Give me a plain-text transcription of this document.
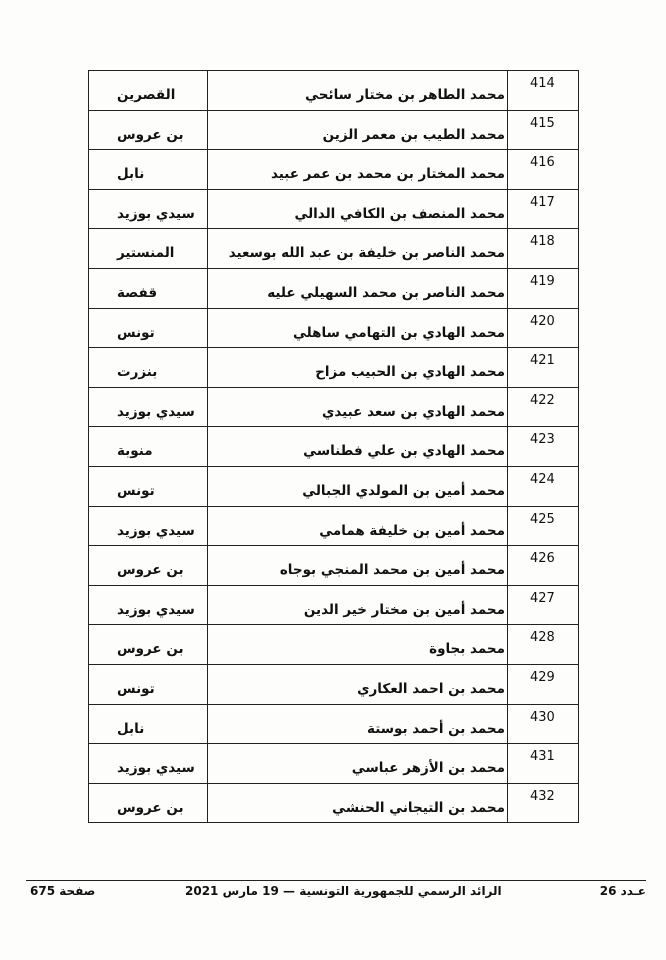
414	محمد الطاهر بن مختار سائحي	القصرين
415	محمد الطيب بن معمر الزين	بن عروس
416	محمد المختار بن محمد بن عمر عبيد	نابل
417	محمد المنصف بن الكافي الدالي	سيدي بوزيد
418	محمد الناصر بن خليفة بن عبد الله بوسعيد	المنستير
419	محمد الناصر بن محمد السهيلي عليه	قفصة
420	محمد الهادي بن التهامي ساهلي	تونس
421	محمد الهادي بن الحبيب مزاح	بنزرت
422	محمد الهادي بن سعد عبيدي	سيدي بوزيد
423	محمد الهادي بن علي فطناسي	منوبة
424	محمد أمين بن المولدي الجبالي	تونس
425	محمد أمين بن خليفة همامي	سيدي بوزيد
426	محمد أمين بن محمد المنجي بوجاه	بن عروس
427	محمد أمين بن مختار خير الدين	سيدي بوزيد
428	محمد بجاوة	بن عروس
429	محمد بن احمد العكاري	تونس
430	محمد بن أحمد بوستة	نابل
431	محمد بن الأزهر عباسي	سيدي بوزيد
432	محمد بن التيجاني الحنشي	بن عروس
صفحة 675	الرائد الرسمي للجمهورية التونسية — 19 مارس 2021	عـدد 26
